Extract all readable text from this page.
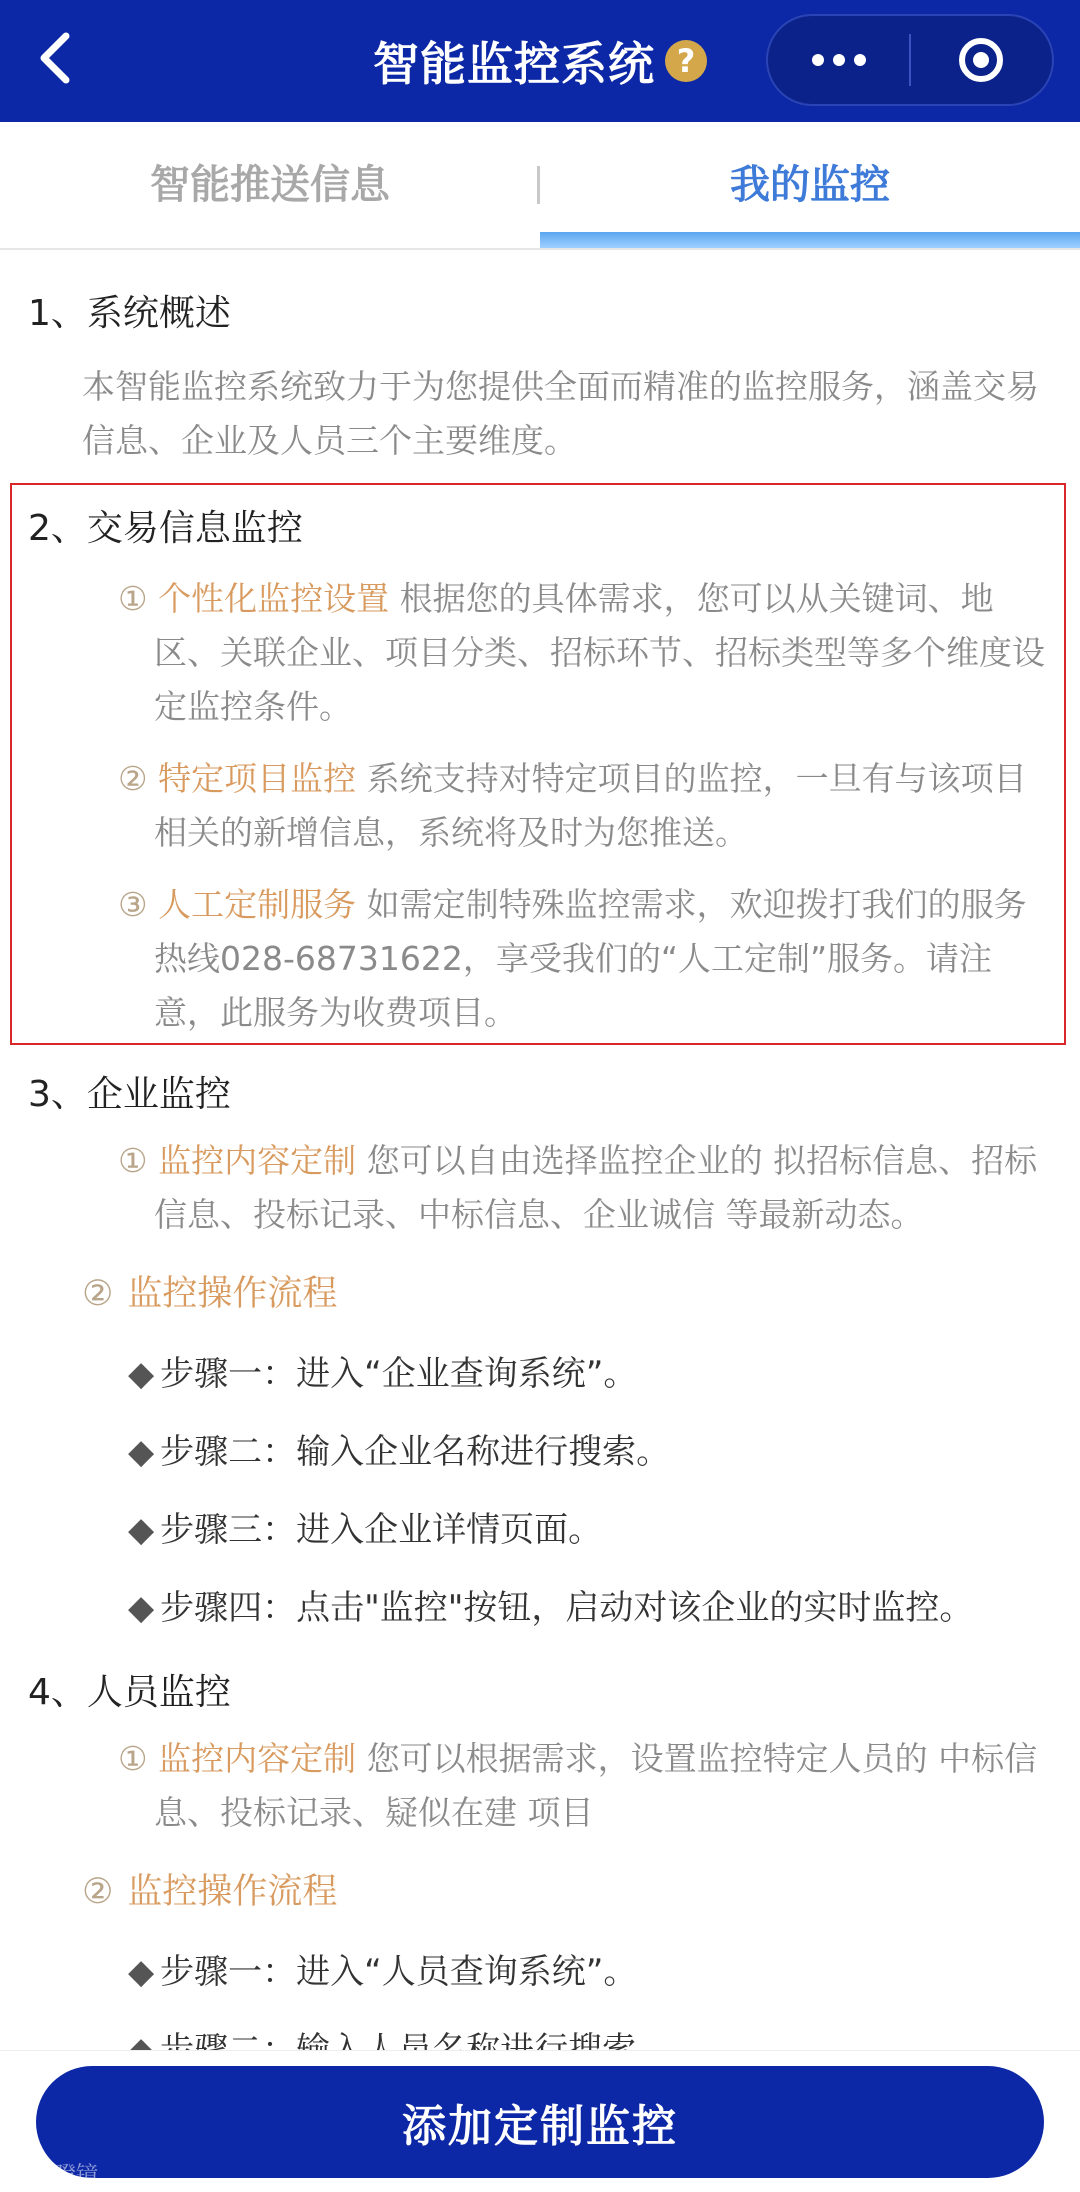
智能监控系统 ?
智能推送信息	我的监控
1、系统概述
本智能监控系统致力于为您提供全面而精准的监控服务，涵盖交易信息、企业及人员三个主要维度。
2、交易信息监控
① 个性化监控设置 根据您的具体需求，您可以从关键词、地区、关联企业、项目分类、招标环节、招标类型等多个维度设定监控条件。
② 特定项目监控 系统支持对特定项目的监控，一旦有与该项目相关的新增信息，系统将及时为您推送。
③ 人工定制服务 如需定制特殊监控需求，欢迎拨打我们的服务热线028-68731622，享受我们的“人工定制”服务。请注意，此服务为收费项目。
3、企业监控
① 监控内容定制 您可以自由选择监控企业的 拟招标信息、招标信息、投标记录、中标信息、企业诚信 等最新动态。
② 监控操作流程
◆ 步骤一：进入“企业查询系统”。
◆ 步骤二：输入企业名称进行搜索。
◆ 步骤三：进入企业详情页面。
◆ 步骤四：点击"监控"按钮，启动对该企业的实时监控。
4、人员监控
① 监控内容定制 您可以根据需求，设置监控特定人员的 中标信息、投标记录、疑似在建 项目
② 监控操作流程
◆ 步骤一：进入“人员查询系统”。
添加定制监控
大数瞪镜
